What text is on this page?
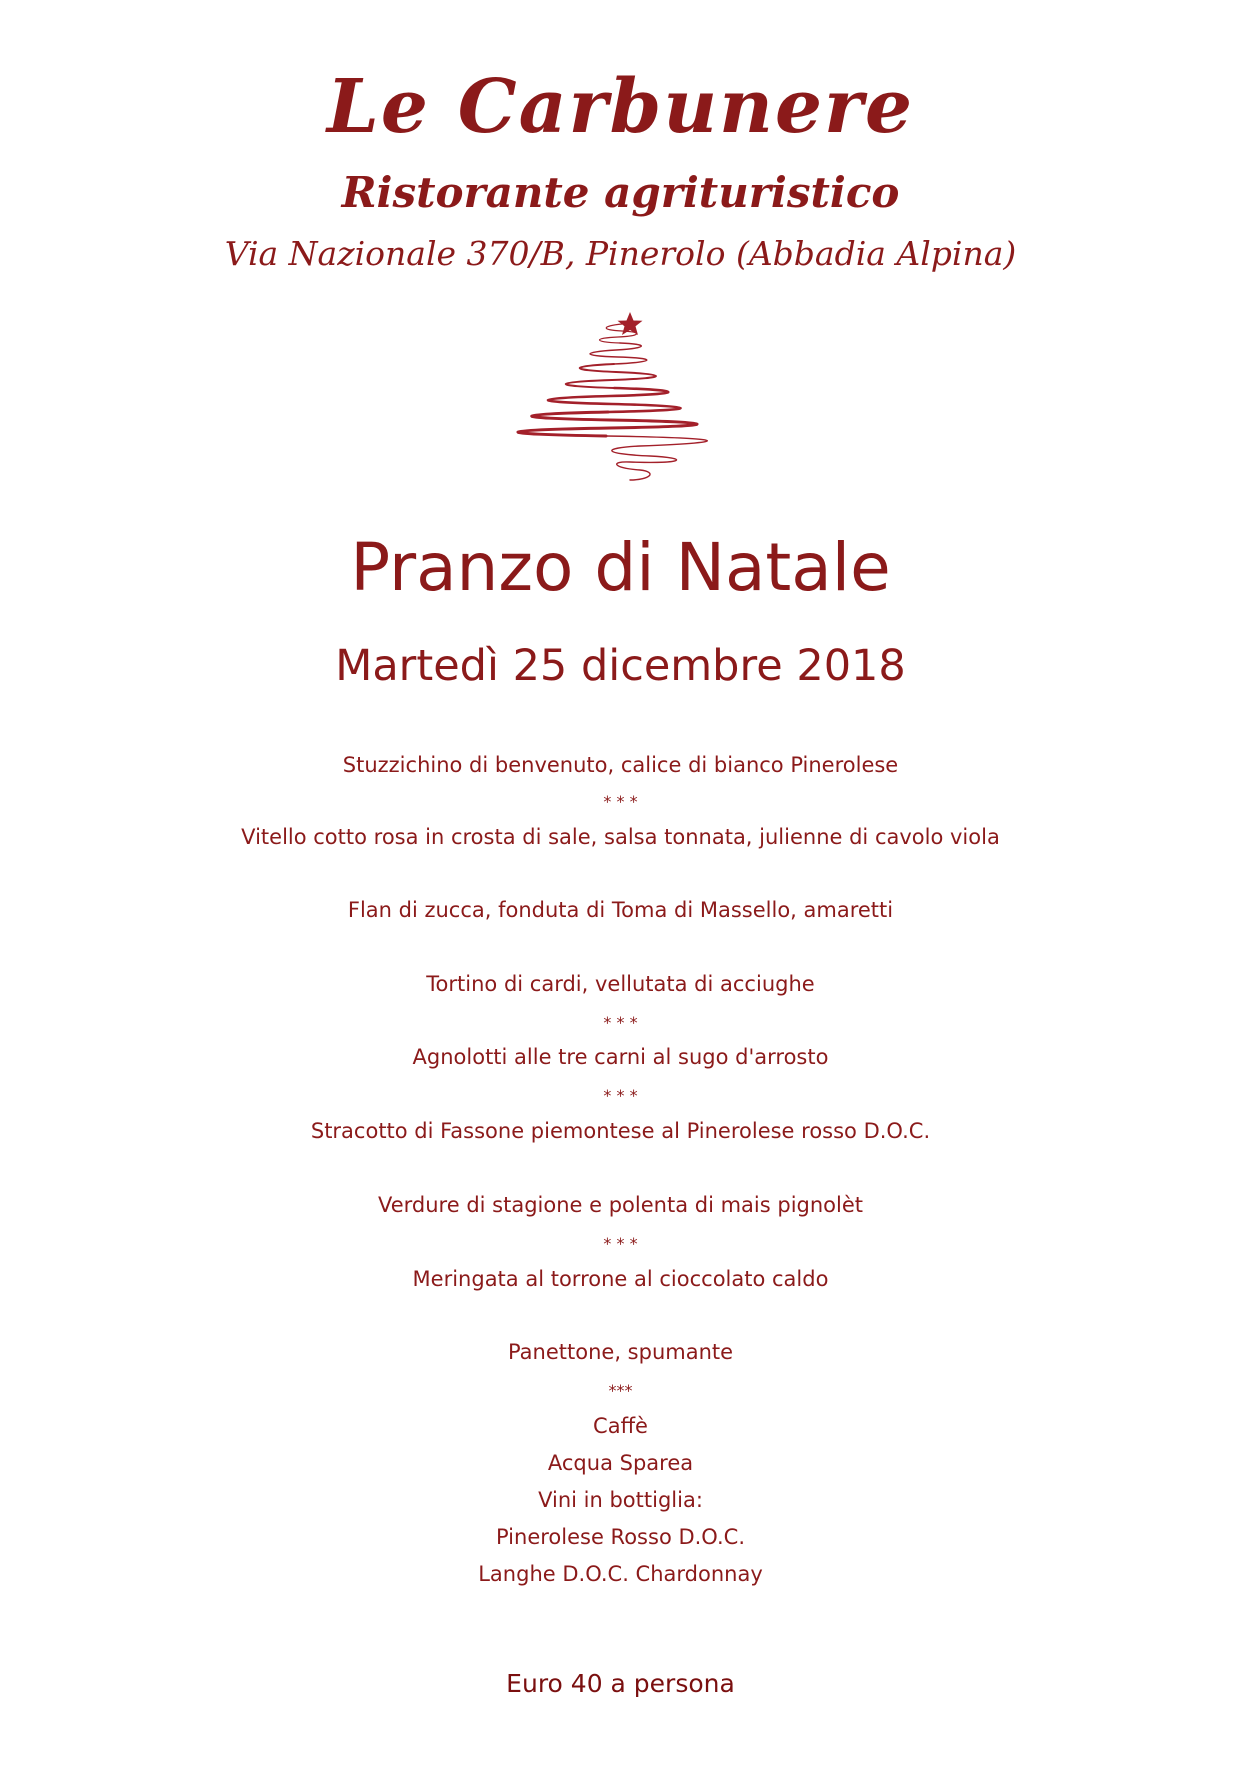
Le Carbunere
Ristorante agrituristico
Via Nazionale 370/B, Pinerolo (Abbadia Alpina)
Pranzo di Natale
Martedì 25 dicembre 2018
Stuzzichino di benvenuto, calice di bianco Pinerolese
* * *
Vitello cotto rosa in crosta di sale, salsa tonnata, julienne di cavolo viola
Flan di zucca, fonduta di Toma di Massello, amaretti
Tortino di cardi, vellutata di acciughe
* * *
Agnolotti alle tre carni al sugo d'arrosto
* * *
Stracotto di Fassone piemontese al Pinerolese rosso D.O.C.
Verdure di stagione e polenta di mais pignolèt
* * *
Meringata al torrone al cioccolato caldo
Panettone, spumante
***
Caffè
Acqua Sparea
Vini in bottiglia:
Pinerolese Rosso D.O.C.
Langhe D.O.C. Chardonnay
Euro 40 a persona
